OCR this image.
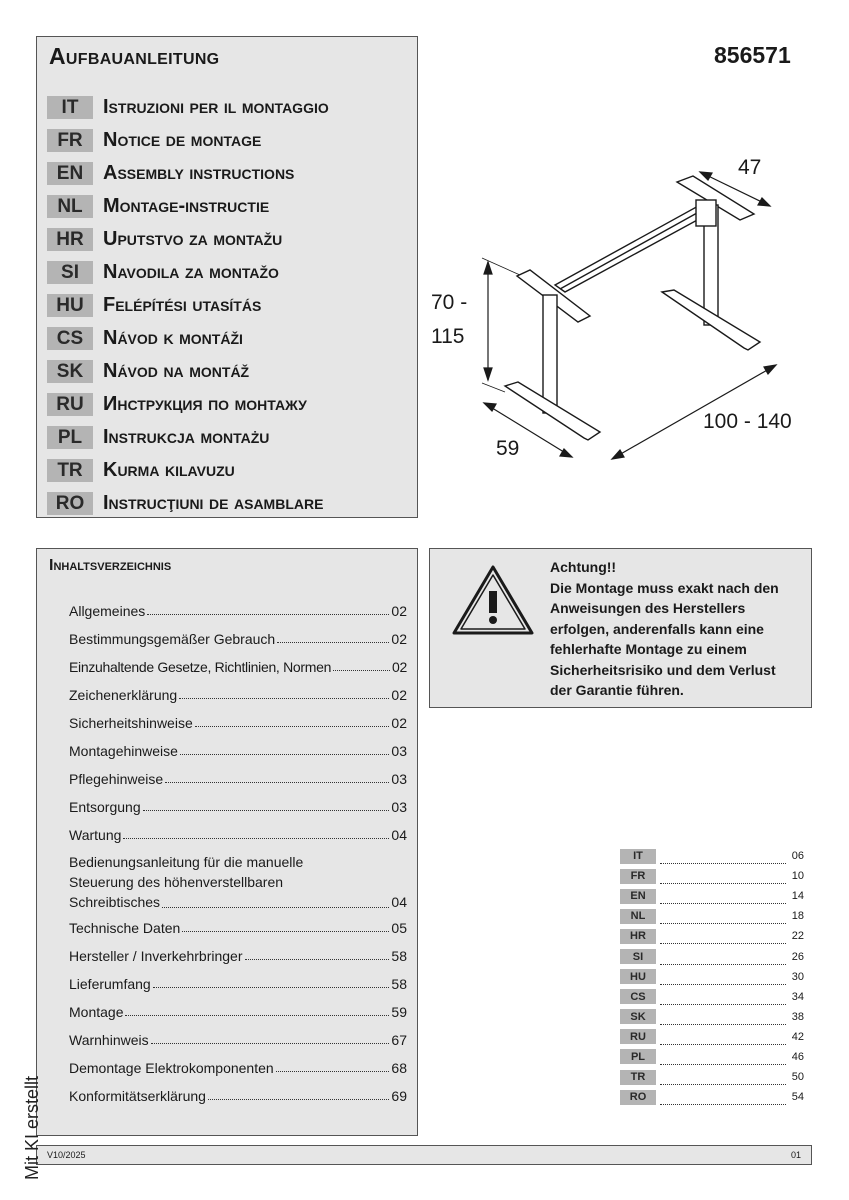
Aufbauanleitung
IT	Istruzioni per il montaggio
FR	Notice de montage
EN Assembly instructions
NL	Montage-instructie
HR Uputstvo za montažu
SI	Navodila za montažo
HU Felépítési utasítás
CS Návod k montáži
SK Návod na montáž
RU Инструкция по монтажу
PL	Instrukcja montażu
TR	Kurma kilavuzu
RO Instrucţiuni de asamblare
856571
47
70 -
115
59
100 - 140
Inhaltsverzeichnis
Allgemeines	02
Bestimmungsgemäßer Gebrauch	02
Einzuhaltende Gesetze, Richtlinien, Normen	02
Zeichenerklärung	02
Sicherheitshinweise	02
Montagehinweise	03
Pflegehinweise	03
Entsorgung	03
Wartung	04
Bedienungsanleitung für die manuelle
Steuerung des höhenverstellbaren
Schreibtisches	04
Technische Daten	05
Hersteller / Inverkehrbringer	58
Lieferumfang	58
Montage	59
Warnhinweis	67
Demontage Elektrokomponenten	68
Konformitätserklärung	69
Achtung!!
Die Montage muss exakt nach den
Anweisungen des Herstellers
erfolgen, anderenfalls kann eine
fehlerhafte Montage zu einem
Sicherheitsrisiko und dem Verlust
der Garantie führen.
IT	06
FR	10
EN	14
NL	18
HR	22
SI	26
HU	30
CS	34
SK	38
RU	42
PL	46
TR	50
RO	54
V10/2025	01
Mit KI erstellt
